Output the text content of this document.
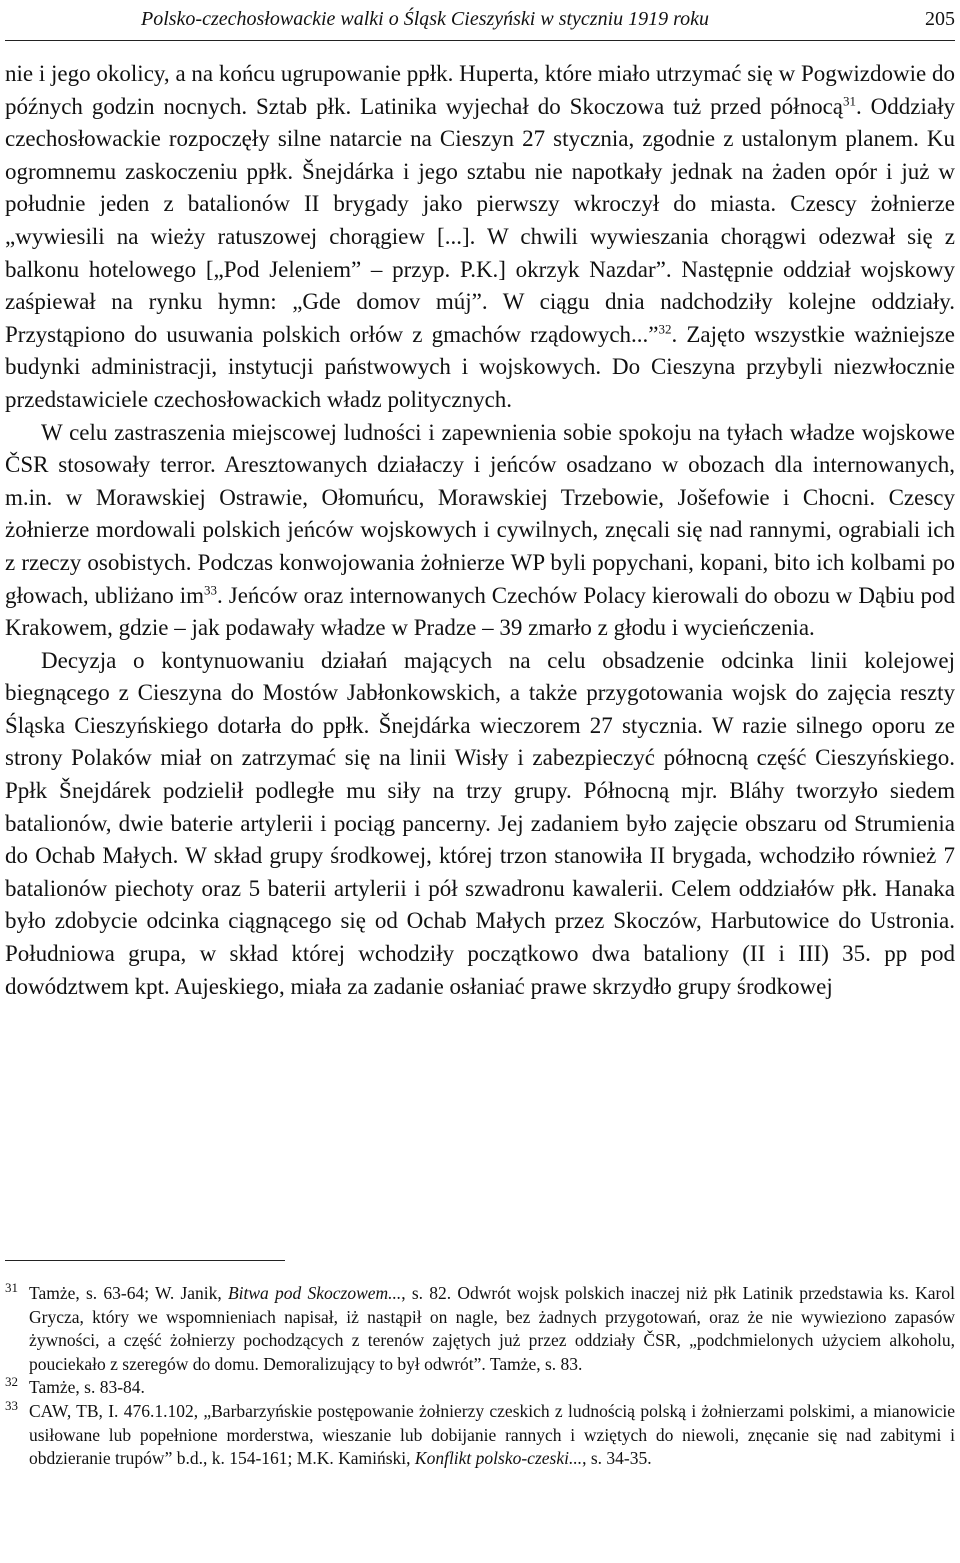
Polsko-czechosłowackie walki o Śląsk Cieszyński w styczniu 1919 roku	205

nie i jego okolicy, a na końcu ugrupowanie ppłk. Huperta, które miało utrzymać się w Pogwizdowie do późnych godzin nocnych. Sztab płk. Latinika wyjechał do Skoczowa tuż przed północą$^{31}$. Oddziały czechosłowackie rozpoczęły silne natarcie na Cieszyn 27 stycznia, zgodnie z ustalonym planem. Ku ogromnemu zaskoczeniu ppłk. Šnejdárka i jego sztabu nie napotkały jednak na żaden opór i już w południe jeden z batalionów II brygady jako pierwszy wkroczył do miasta. Czescy żołnierze „wywiesili na wieży ratuszowej chorągiew [...]. W chwili wywieszania chorągwi odezwał się z balkonu hotelowego [„Pod Jeleniem” – przyp. P.K.] okrzyk Nazdar”. Następnie oddział wojskowy zaśpiewał na rynku hymn: „Gde domov múj”. W ciągu dnia nadchodziły kolejne oddziały. Przystąpiono do usuwania polskich orłów z gmachów rządowych...”$^{32}$. Zajęto wszystkie ważniejsze budynki administracji, instytucji państwowych i wojskowych. Do Cieszyna przybyli niezwłocznie przedstawiciele czechosłowackich władz politycznych.

W celu zastraszenia miejscowej ludności i zapewnienia sobie spokoju na tyłach władze wojskowe ČSR stosowały terror. Aresztowanych działaczy i jeńców osadzano w obozach dla internowanych, m.in. w Morawskiej Ostrawie, Ołomuńcu, Morawskiej Trzebowie, Jošefowie i Chocni. Czescy żołnierze mordowali polskich jeńców wojskowych i cywilnych, znęcali się nad rannymi, ograbiali ich z rzeczy osobistych. Podczas konwojowania żołnierze WP byli popychani, kopani, bito ich kolbami po głowach, ubliżano $im^{33}$. Jeńców oraz internowanych Czechów Polacy kierowali do obozu w Dąbiu pod Krakowem, gdzie – jak podawały władze w Pradze – 39 zmarło z głodu i wycieńczenia.

Decyzja o kontynuowaniu działań mających na celu obsadzenie odcinka linii kolejowej biegnącego z Cieszyna do Mostów Jabłonkowskich, a także przygotowania wojsk do zajęcia reszty Śląska Cieszyńskiego dotarła do ppłk. Šnejdárka wieczorem 27 stycznia. W razie silnego oporu ze strony Polaków miał on zatrzymać się na linii Wisły i zabezpieczyć północną część Cieszyńskiego. Ppłk Šnejdárek podzielił podległe mu siły na trzy grupy. Północną mjr. Bláhy tworzyło siedem batalionów, dwie baterie artylerii i pociąg pancerny. Jej zadaniem było zajęcie obszaru od Strumienia do Ochab Małych. W skład grupy środkowej, której trzon stanowiła II brygada, wchodziło również 7 batalionów piechoty oraz 5 baterii artylerii i pół szwadronu kawalerii. Celem oddziałów płk. Hanaka było zdobycie odcinka ciągnącego się od Ochab Małych przez Skoczów, Harbutowice do Ustronia. Południowa grupa, w skład której wchodziły początkowo dwa bataliony (II i III) 35. pp pod dowództwem kpt. Aujeskiego, miała za zadanie osłaniać prawe skrzydło grupy środkowej

31 Tamże, s. 63-64; W. Janik, Bitwa pod Skoczowem..., s. 82. Odwrót wojsk polskich inaczej niż płk Latinik przedstawia ks. Karol Grycza, który we wspomnieniach napisał, iż nastąpił on nagle, bez żadnych przygotowań, oraz że nie wywieziono zapasów żywności, a część żołnierzy pochodzących z terenów zajętych już przez oddziały ČSR, „podchmielonych użyciem alkoholu, pouciekało z szeregów do domu. Demoralizujący to był odwrót”. Tamże, s. 83.
32 Tamże, s. 83-84.
33 CAW, TB, I. 476.1.102, „Barbarzyńskie postępowanie żołnierzy czeskich z ludnością polską i żołnierzami polskimi, a mianowicie usiłowane lub popełnione morderstwa, wieszanie lub dobijanie rannych i wziętych do niewoli, znęcanie się nad zabitymi i obdzieranie trupów” b.d., k. 154-161; M.K. Kamiński, Konflikt polsko-czeski..., s. 34-35.
